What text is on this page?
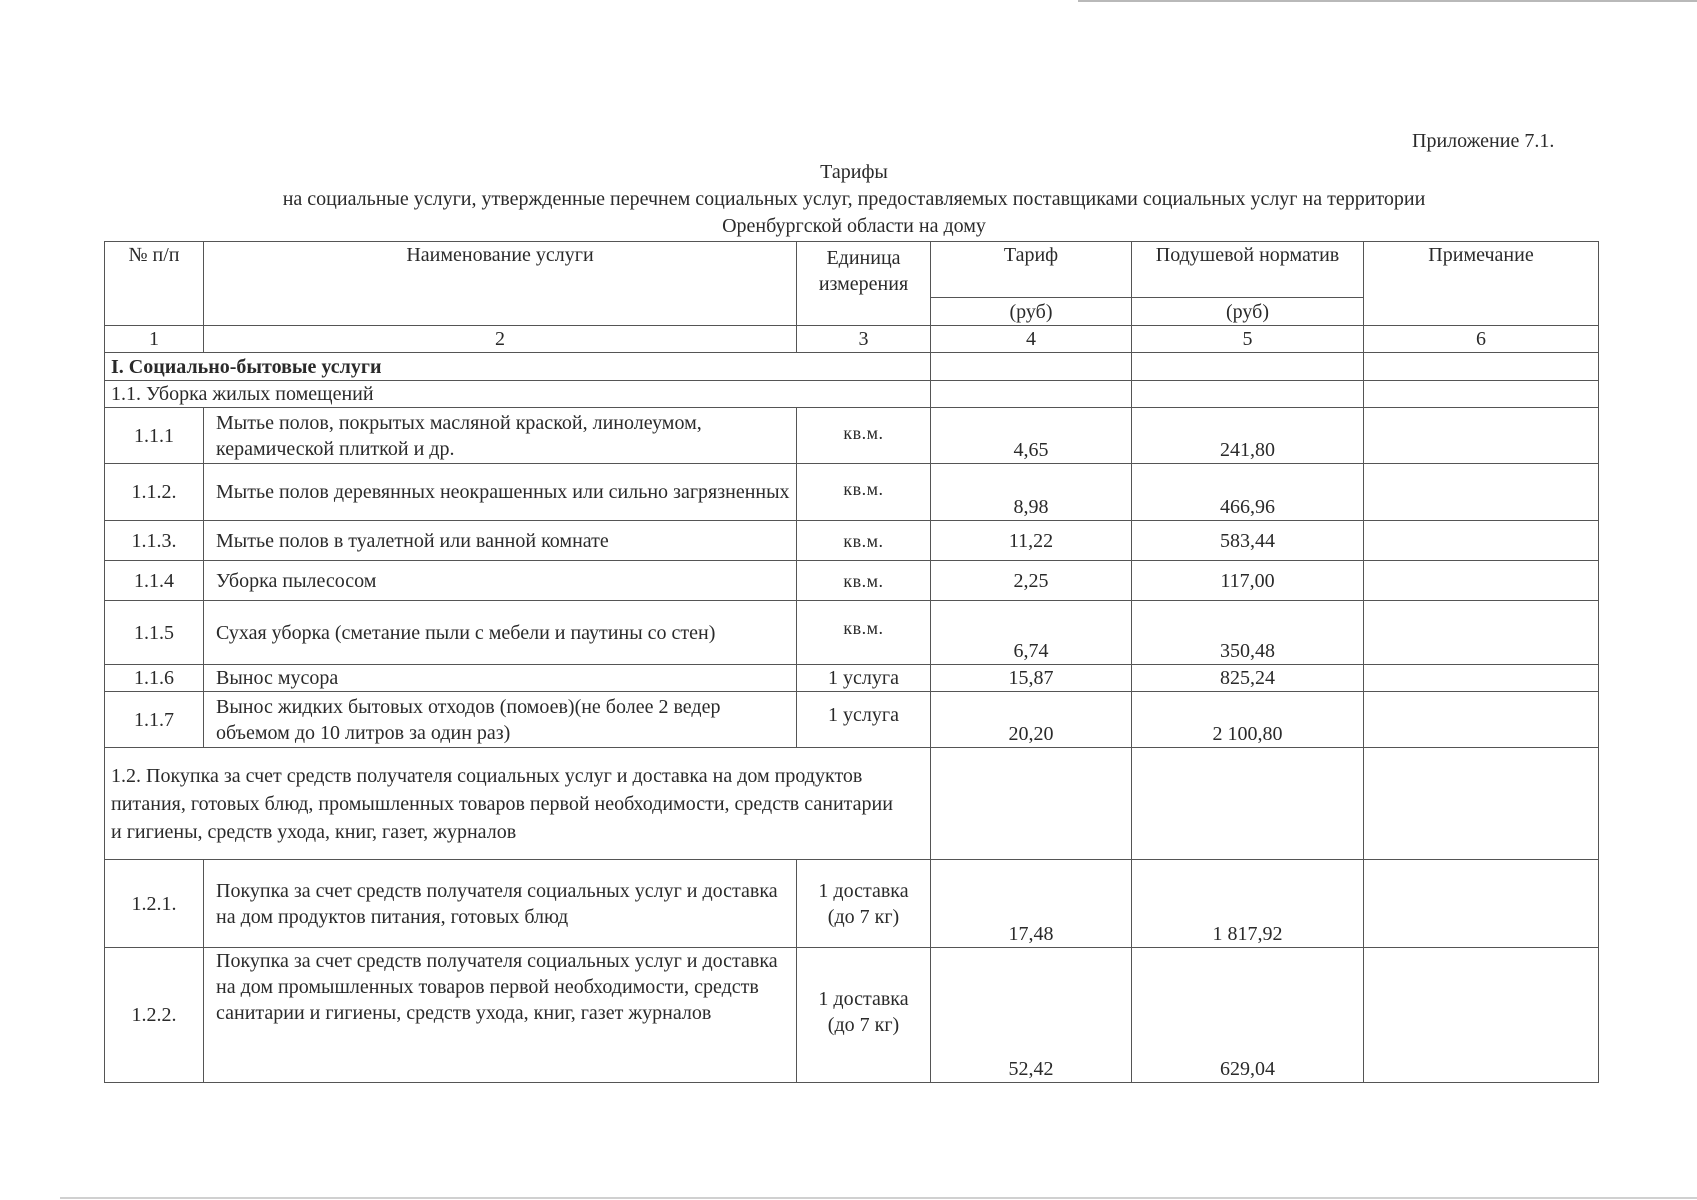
Приложение 7.1.
Тарифы
на социальные услуги, утвержденные перечнем социальных услуг, предоставляемых поставщиками социальных услуг на территории
Оренбургской области на дому
№ п/п	Наименование услуги	Единица измерения	Тариф	Подушевой норматив	Примечание
			(руб)	(руб)	
1	2	3	4	5	6
I. Социально-бытовые услуги					
1.1. Уборка жилых помещений					
1.1.1	Мытье полов, покрытых масляной краской, линолеумом, керамической плиткой и др.	кв.м.	4,65	241,80	
1.1.2.	Мытье полов деревянных неокрашенных или сильно загрязненных	кв.м.	8,98	466,96	
1.1.3.	Мытье полов в туалетной или ванной комнате	кв.м.	11,22	583,44	
1.1.4	Уборка пылесосом	кв.м.	2,25	117,00	
1.1.5	Сухая уборка (сметание пыли с мебели и паутины со стен)	кв.м.	6,74	350,48	
1.1.6	Вынос мусора	1 услуга	15,87	825,24	
1.1.7	Вынос жидких бытовых отходов (помоев)(не более 2 ведер объемом до 10 литров за один раз)	1 услуга	20,20	2 100,80	
1.2. Покупка за счет средств получателя социальных услуг и доставка на дом продуктов питания, готовых блюд, промышленных товаров первой необходимости, средств санитарии и гигиены, средств ухода, книг, газет, журналов					
1.2.1.	Покупка за счет средств получателя социальных услуг и доставка на дом продуктов питания, готовых блюд	1 доставка (до 7 кг)	17,48	1 817,92	
1.2.2.	Покупка за счет средств получателя социальных услуг и доставка на дом промышленных товаров первой необходимости, средств санитарии и гигиены, средств ухода, книг, газет журналов	1 доставка (до 7 кг)	52,42	629,04	
